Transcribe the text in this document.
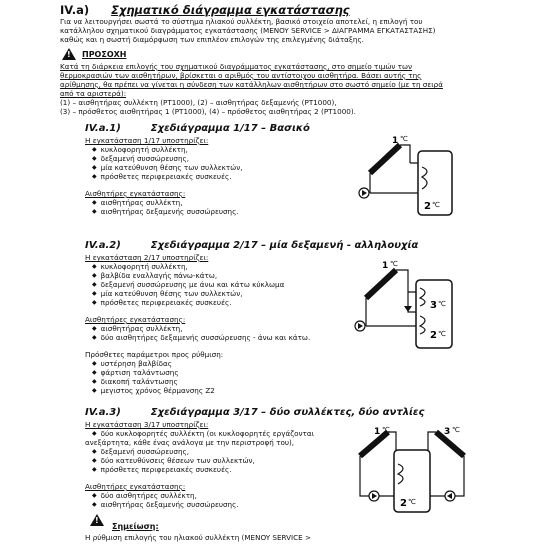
IV.a) Σχηματικό διάγραμμα εγκατάστασης
Για να λειτουργήσει σωστά το σύστημα ηλιακού συλλέκτη, βασικό στοιχείο αποτελεί, η επιλογή του
κατάλληλου σχηματικού διαγράμματος εγκατάστασης (MENOY SERVICE > ΔΙΑΓΡΑΜΜΑ ΕΓΚΑΤΑΣΤΑΣΗΣ)
καθώς και η σωστή διαμόρφωση των επιπλέον επιλογών της επιλεγμένης διάταξης.
!
ΠΡΟΣΟΧΗ
Κατά τη διάρκεια επιλογής του σχηματικού διαγράμματος εγκατάστασης, στο σημείο τιμών των
θερμοκρασιών των αισθητήρων, βρίσκεται ο αριθμός του αντίστοιχου αισθητήρα. Βάσει αυτής της
αρίθμησης, θα πρέπει να γίνεται η σύνδεση των κατάλληλων αισθητήρων στο σωστό σημείο (με τη σειρά
από τα αριστερά):
(1) – αισθητήρας συλλέκτη (PT1000), (2) – αισθητήρας δεξαμενής (PT1000),
(3) – πρόσθετος αισθητήρας 1 (PT1000), (4) – πρόσθετος αισθητήρας 2 (PT1000).
IV.a.1)	Σχεδιάγραμμα 1/17 – Βασικό
Η εγκατάσταση 1/17 υποστηρίζει:
◆ κυκλοφορητή συλλέκτη,
◆ δεξαμενή συσσώρευσης,
◆ μία κατεύθυνση θέσης των συλλεκτών,
◆ πρόσθετες περιφερειακές συσκευές.
Αισθητήρες εγκατάστασης:
◆ αισθητήρας συλλέκτη,
◆ αισθητήρας δεξαμενής συσσώρευσης.
1 ℃
2 ℃
IV.a.2)	Σχεδιάγραμμα 2/17 – μία δεξαμενή - αλληλουχία
Η εγκατάσταση 2/17 υποστηρίζει:
◆ κυκλοφορητή συλλέκτη,
◆ βαλβίδα εναλλαγής πάνω-κάτω,
◆ δεξαμενή συσσώρευσης με άνω και κάτω κύκλωμα
◆ μία κατεύθυνση θέσης των συλλεκτών,
◆ πρόσθετες περιφερειακές συσκευές.
Αισθητήρες εγκατάστασης:
◆ αισθητήρας συλλέκτη,
◆ δύο αισθητήρες δεξαμενής συσσώρευσης - άνω και κάτω.
Πρόσθετες παράμετροι προς ρύθμιση:
◆ υστέρηση βαλβίδας
◆ φάρτιση ταλάντωσης
◆ διακοπή ταλάντωσης
◆ μεγιστος χρόνος θέρμανσης Z2
1 ℃
3 ℃
2 ℃
IV.a.3)	Σχεδιάγραμμα 3/17 – δύο συλλέκτες, δύο αντλίες
Η εγκατάσταση 3/17 υποστηρίζει:
◆ δύο κυκλοφορητές συλλέκτη (οι κυκλοφορητές εργάζονται
ανεξάρτητα, κάθε ένας ανάλογα με την περιστροφή του),
◆ δεξαμενή συσσώρευσης,
◆ δύο κατευθύνσεις θέσεων των συλλεκτών,
◆ πρόσθετες περιφερειακές συσκευές.
Αισθητήρες εγκατάστασης:
◆ δύο αισθητήρες συλλέκτη,
◆ αισθητήρας δεξαμενής συσσώρευσης.
1 ℃	3 ℃
2 ℃
!
Σημείωση:
Η ρύθμιση επιλογής του ηλιακού συλλέκτη (MENOY SERVICE >
